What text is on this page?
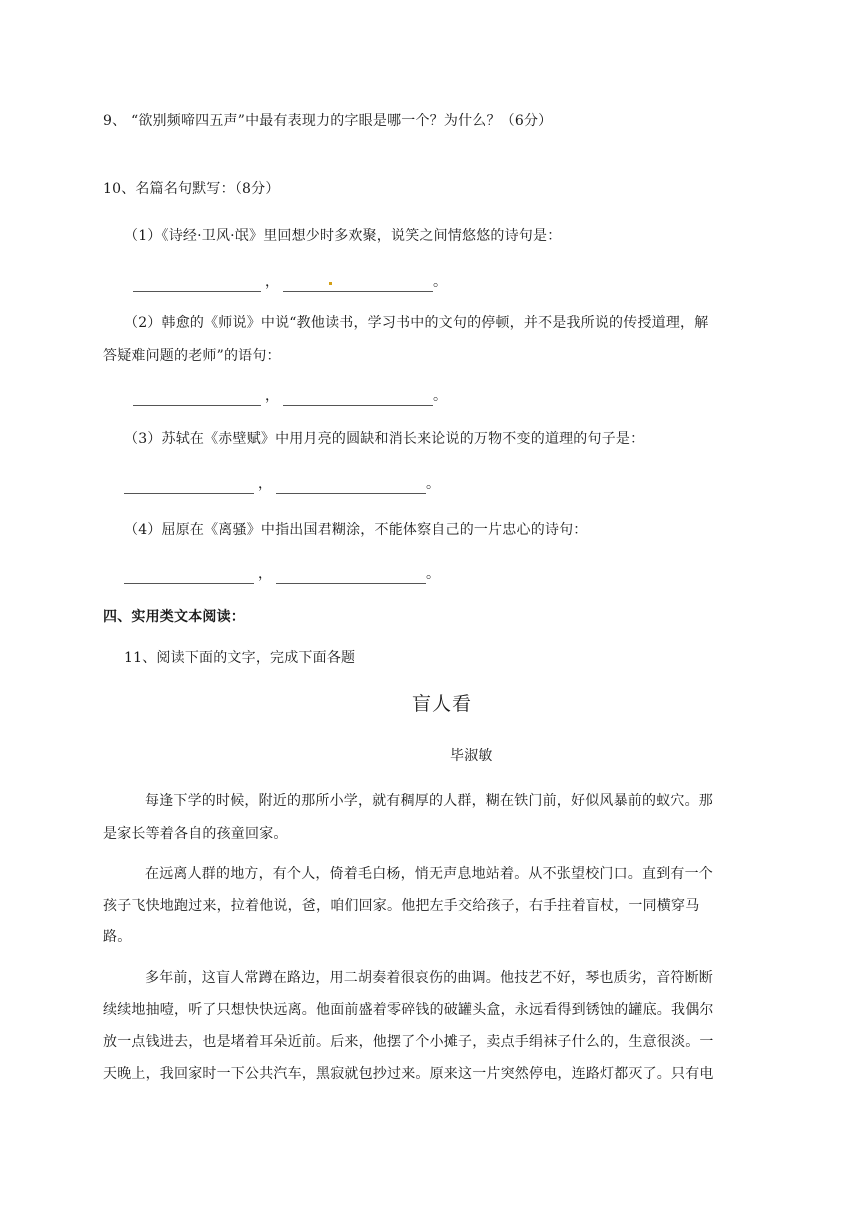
9、 “欲别频啼四五声”中最有表现力的字眼是哪一个？为什么？（6分）
10、名篇名句默写：（8分）
（1）《诗经·卫风·氓》里回想少时多欢聚，说笑之间情悠悠的诗句是：
，	。
（2）韩愈的《师说》中说“教他读书，学习书中的文句的停顿，并不是我所说的传授道理，解
答疑难问题的老师”的语句：
，	。
（3）苏轼在《赤壁赋》中用月亮的圆缺和消长来论说的万物不变的道理的句子是：
，	。
（4）屈原在《离骚》中指出国君糊涂，不能体察自己的一片忠心的诗句：
，	。
四、实用类文本阅读：
11、阅读下面的文字，完成下面各题
盲人看
毕淑敏
每逢下学的时候，附近的那所小学，就有稠厚的人群，糊在铁门前，好似风暴前的蚁穴。那
是家长等着各自的孩童回家。
在远离人群的地方，有个人，倚着毛白杨，悄无声息地站着。从不张望校门口。直到有一个
孩子飞快地跑过来，拉着他说，爸，咱们回家。他把左手交给孩子，右手拄着盲杖，一同横穿马
路。
多年前，这盲人常蹲在路边，用二胡奏着很哀伤的曲调。他技艺不好，琴也质劣，音符断断
续续地抽噎，听了只想快快远离。他面前盛着零碎钱的破罐头盒，永远看得到锈蚀的罐底。我偶尔
放一点钱进去，也是堵着耳朵近前。后来，他摆了个小摊子，卖点手绢袜子什么的，生意很淡。一
天晚上，我回家时一下公共汽车，黑寂就包抄过来。原来这一片突然停电，连路灯都灭了。只有电
